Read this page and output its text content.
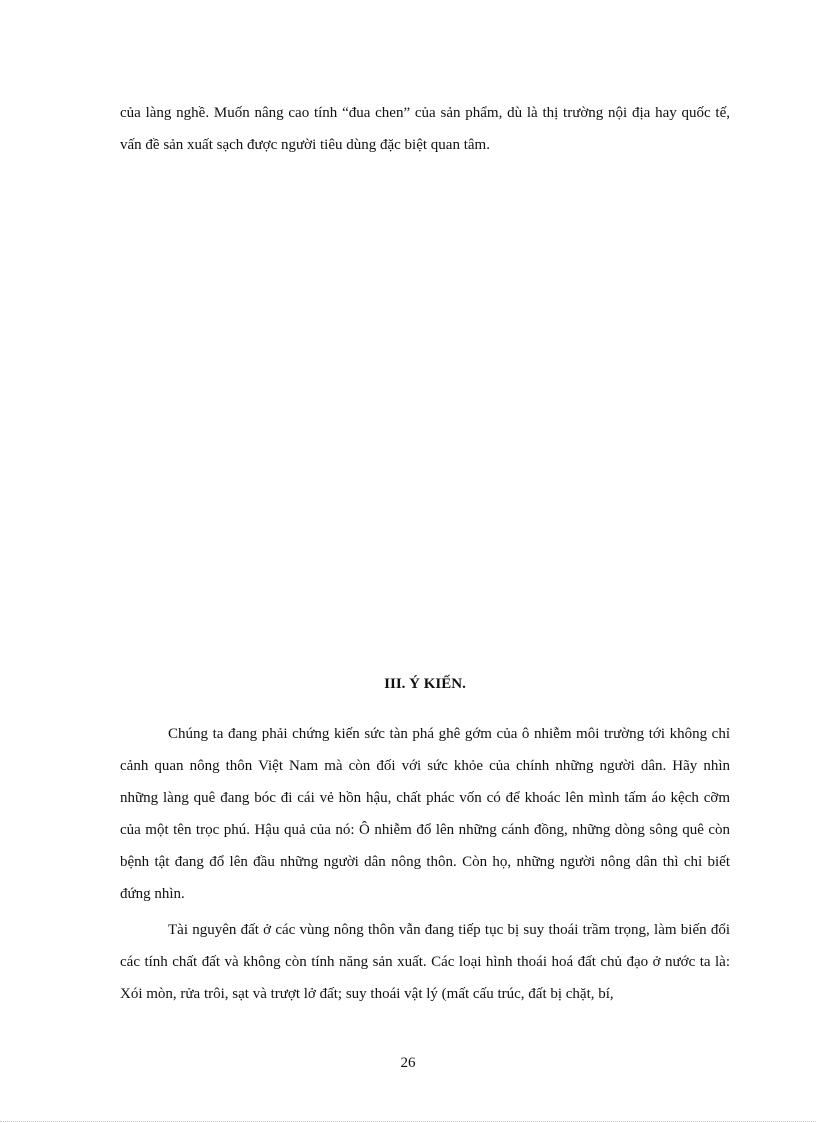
của làng nghề. Muốn nâng cao tính “đua chen” của sản phẩm, dù là thị trường nội địa hay quốc tế, vấn đề sản xuất sạch được người tiêu dùng đặc biệt quan tâm.

III. Ý KIẾN.

Chúng ta đang phải chứng kiến sức tàn phá ghê gớm của ô nhiễm môi trường tới không chỉ cảnh quan nông thôn Việt Nam mà còn đối với sức khỏe của chính những người dân. Hãy nhìn những làng quê đang bóc đi cái vẻ hồn hậu, chất phác vốn có để khoác lên mình tấm áo kệch cỡm của một tên trọc phú. Hậu quả của nó: Ô nhiễm đổ lên những cánh đồng, những dòng sông quê còn bệnh tật đang đổ lên đầu những người dân nông thôn. Còn họ, những người nông dân thì chỉ biết đứng nhìn.

Tài nguyên đất ở các vùng nông thôn vẫn đang tiếp tục bị suy thoái trầm trọng, làm biến đổi các tính chất đất và không còn tính năng sản xuất. Các loại hình thoái hoá đất chủ đạo ở nước ta là: Xói mòn, rửa trôi, sạt và trượt lở đất; suy thoái vật lý (mất cấu trúc, đất bị chặt, bí,

26
